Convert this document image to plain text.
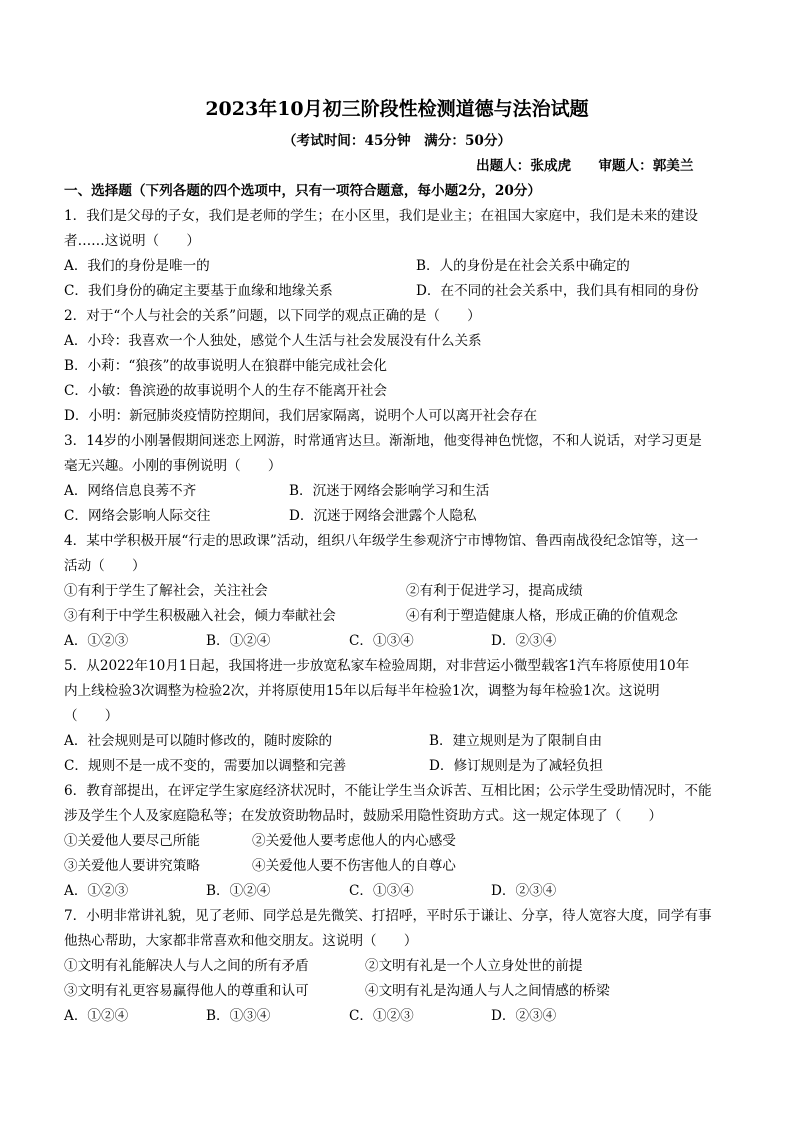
2023年10月初三阶段性检测道德与法治试题
（考试时间：45分钟　满分：50分）
出题人：张成虎　　审题人：郭美兰
一、选择题（下列各题的四个选项中，只有一项符合题意，每小题2分，20分）
1．我们是父母的子女，我们是老师的学生；在小区里，我们是业主；在祖国大家庭中，我们是未来的建设
者……这说明（　　）
A．我们的身份是唯一的	B．人的身份是在社会关系中确定的
C．我们身份的确定主要基于血缘和地缘关系	D．在不同的社会关系中，我们具有相同的身份
2．对于“个人与社会的关系”问题，以下同学的观点正确的是（　　）
A．小玲：我喜欢一个人独处，感觉个人生活与社会发展没有什么关系
B．小莉：“狼孩”的故事说明人在狼群中能完成社会化
C．小敏：鲁滨逊的故事说明个人的生存不能离开社会
D．小明：新冠肺炎疫情防控期间，我们居家隔离，说明个人可以离开社会存在
3．14岁的小刚暑假期间迷恋上网游，时常通宵达旦。渐渐地，他变得神色恍惚，不和人说话，对学习更是
毫无兴趣。小刚的事例说明（　　）
A．网络信息良莠不齐	B．沉迷于网络会影响学习和生活
C．网络会影响人际交往	D．沉迷于网络会泄露个人隐私
4．某中学积极开展“行走的思政课”活动，组织八年级学生参观济宁市博物馆、鲁西南战役纪念馆等，这一
活动（　　）
①有利于学生了解社会，关注社会	②有利于促进学习，提高成绩
③有利于中学生积极融入社会，倾力奉献社会	④有利于塑造健康人格，形成正确的价值观念
A．①②③	B．①②④	C．①③④	D．②③④
5．从2022年10月1日起，我国将进一步放宽私家车检验周期，对非营运小微型载客1汽车将原使用10年
内上线检验3次调整为检验2次，并将原使用15年以后每半年检验1次，调整为每年检验1次。这说明
（　　）
A．社会规则是可以随时修改的，随时废除的	B．建立规则是为了限制自由
C．规则不是一成不变的，需要加以调整和完善	D．修订规则是为了减轻负担
6．教育部提出，在评定学生家庭经济状况时，不能让学生当众诉苦、互相比困；公示学生受助情况时，不能
涉及学生个人及家庭隐私等；在发放资助物品时，鼓励采用隐性资助方式。这一规定体现了（　　）
①关爱他人要尽己所能	②关爱他人要考虑他人的内心感受
③关爱他人要讲究策略	④关爱他人要不伤害他人的自尊心
A．①②③	B．①②④	C．①③④	D．②③④
7．小明非常讲礼貌，见了老师、同学总是先微笑、打招呼，平时乐于谦让、分享，待人宽容大度，同学有事
他热心帮助，大家都非常喜欢和他交朋友。这说明（　　）
①文明有礼能解决人与人之间的所有矛盾	②文明有礼是一个人立身处世的前提
③文明有礼更容易赢得他人的尊重和认可	④文明有礼是沟通人与人之间情感的桥梁
A．①②④	B．①③④	C．①②③	D．②③④
